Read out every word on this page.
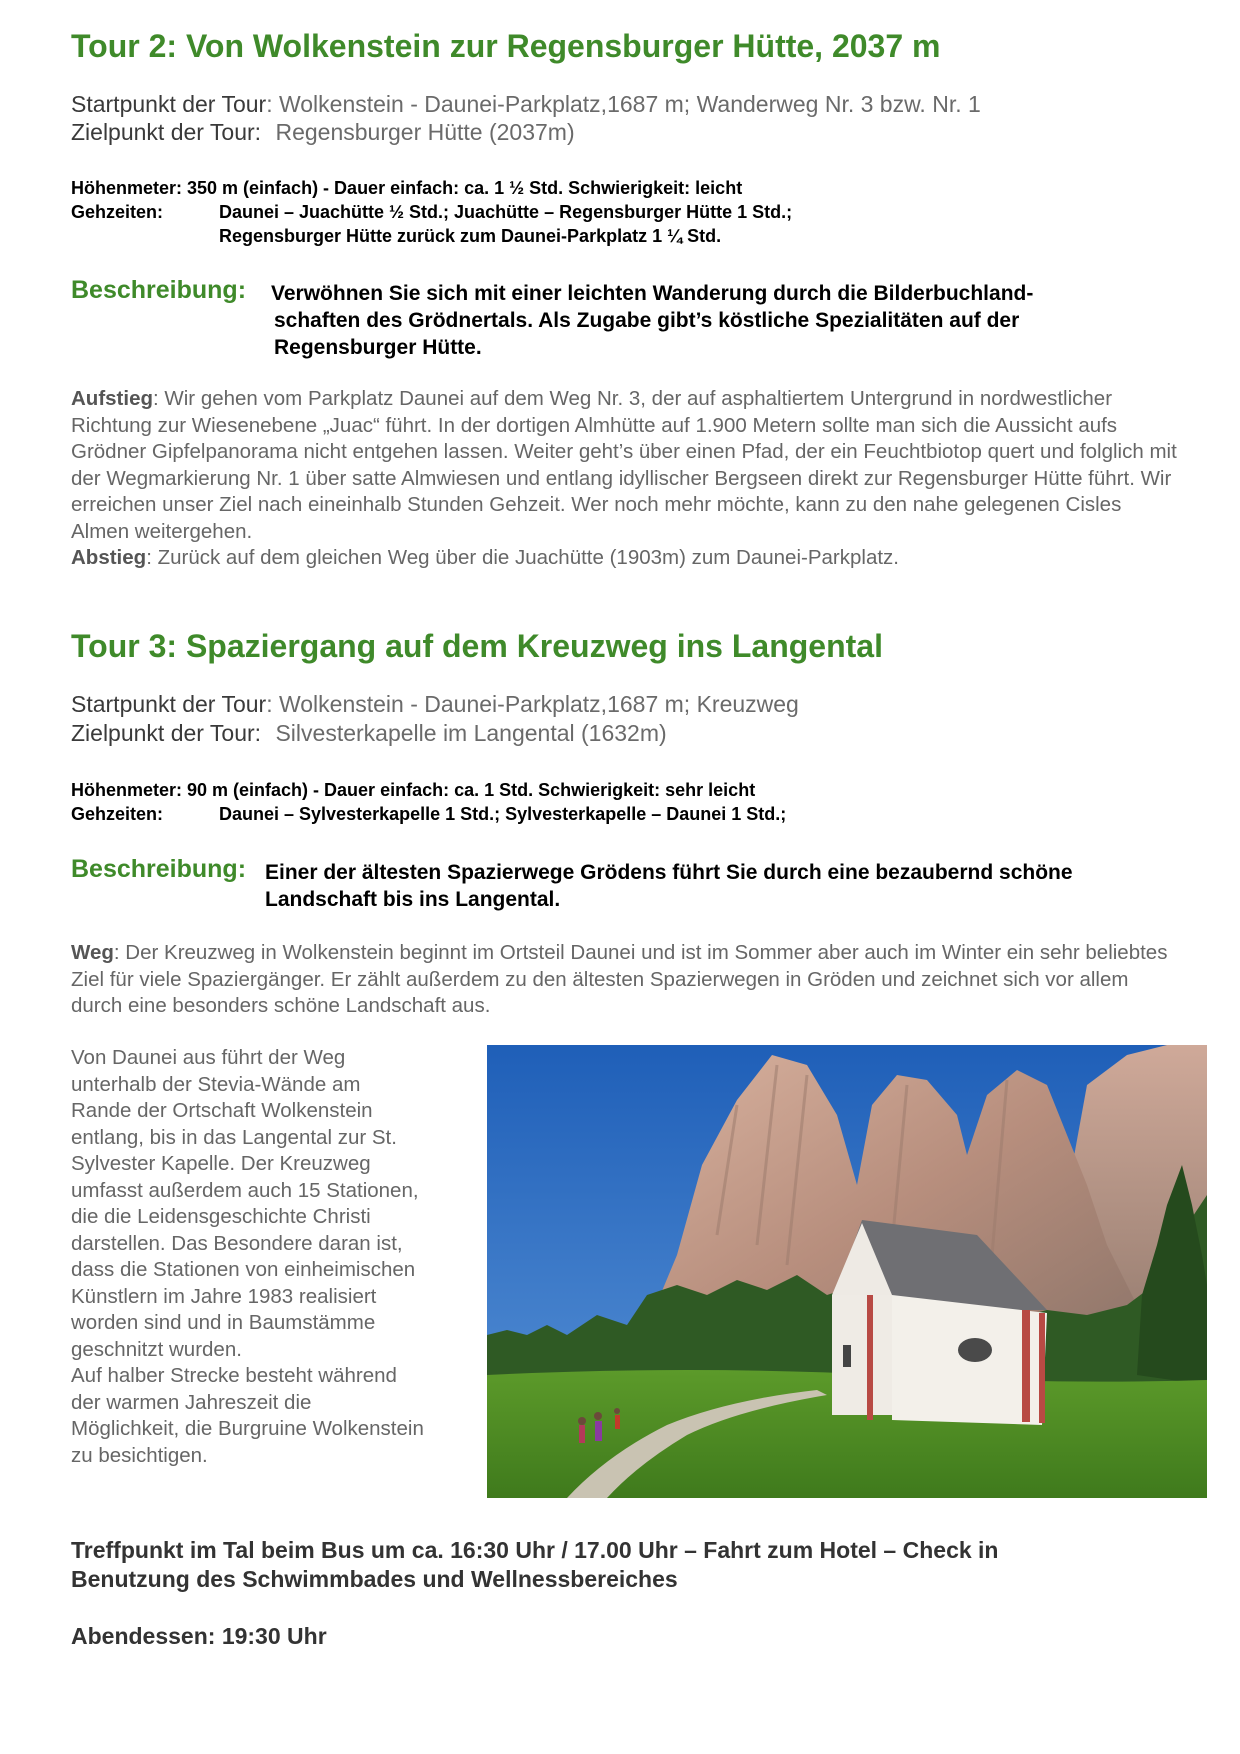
Tour 2: Von Wolkenstein zur Regensburger Hütte, 2037 m
Startpunkt der Tour: Wolkenstein - Daunei-Parkplatz,1687 m; Wanderweg Nr. 3 bzw. Nr. 1
Zielpunkt der Tour: Regensburger Hütte (2037m)
Höhenmeter: 350 m (einfach) - Dauer einfach: ca. 1 ½ Std. Schwierigkeit: leicht
Gehzeiten:	Daunei – Juachütte ½ Std.; Juachütte – Regensburger Hütte 1 Std.;
Regensburger Hütte zurück zum Daunei-Parkplatz 1 ¼ Std.
Beschreibung: Verwöhnen Sie sich mit einer leichten Wanderung durch die Bilderbuchland-
schaften des Grödnertals. Als Zugabe gibt’s köstliche Spezialitäten auf der
Regensburger Hütte.
Aufstieg: Wir gehen vom Parkplatz Daunei auf dem Weg Nr. 3, der auf asphaltiertem Untergrund in nordwestlicher Richtung zur Wiesenebene „Juac“ führt. In der dortigen Almhütte auf 1.900 Metern sollte man sich die Aussicht aufs Grödner Gipfelpanorama nicht entgehen lassen. Weiter geht’s über einen Pfad, der ein Feuchtbiotop quert und folglich mit der Wegmarkierung Nr. 1 über satte Almwiesen und entlang idyllischer Bergseen direkt zur Regensburger Hütte führt. Wir erreichen unser Ziel nach eineinhalb Stunden Gehzeit. Wer noch mehr möchte, kann zu den nahe gelegenen Cisles Almen weitergehen.
Abstieg: Zurück auf dem gleichen Weg über die Juachütte (1903m) zum Daunei-Parkplatz.
Tour 3: Spaziergang auf dem Kreuzweg ins Langental
Startpunkt der Tour: Wolkenstein - Daunei-Parkplatz,1687 m; Kreuzweg
Zielpunkt der Tour: Silvesterkapelle im Langental (1632m)
Höhenmeter: 90 m (einfach) - Dauer einfach: ca. 1 Std. Schwierigkeit: sehr leicht
Gehzeiten:	Daunei – Sylvesterkapelle 1 Std.; Sylvesterkapelle – Daunei 1 Std.;
Beschreibung: Einer der ältesten Spazierwege Grödens führt Sie durch eine bezaubernd schöne
Landschaft bis ins Langental.
Weg: Der Kreuzweg in Wolkenstein beginnt im Ortsteil Daunei und ist im Sommer aber auch im Winter ein sehr beliebtes Ziel für viele Spaziergänger. Er zählt außerdem zu den ältesten Spazierwegen in Gröden und zeichnet sich vor allem durch eine besonders schöne Landschaft aus.
Von Daunei aus führt der Weg
unterhalb der Stevia-Wände am
Rande der Ortschaft Wolkenstein
entlang, bis in das Langental zur St.
Sylvester Kapelle. Der Kreuzweg
umfasst außerdem auch 15 Stationen,
die die Leidensgeschichte Christi
darstellen. Das Besondere daran ist,
dass die Stationen von einheimischen
Künstlern im Jahre 1983 realisiert
worden sind und in Baumstämme
geschnitzt wurden.
Auf halber Strecke besteht während
der warmen Jahreszeit die
Möglichkeit, die Burgruine Wolkenstein
zu besichtigen.
Treffpunkt im Tal beim Bus um ca. 16:30 Uhr / 17.00 Uhr – Fahrt zum Hotel – Check in
Benutzung des Schwimmbades und Wellnessbereiches
Abendessen: 19:30 Uhr
